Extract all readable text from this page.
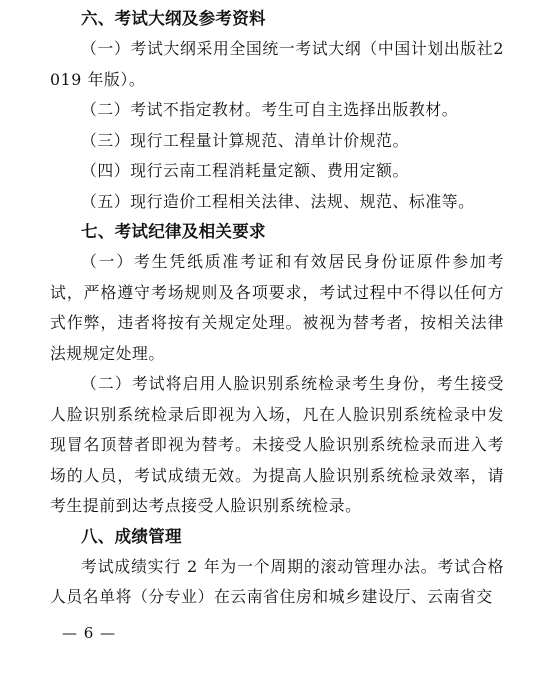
六、考试大纲及参考资料

（一）考试大纲采用全国统一考试大纲（中国计划出版社2019 年版）。

（二）考试不指定教材。考生可自主选择出版教材。

（三）现行工程量计算规范、清单计价规范。

（四）现行云南工程消耗量定额、费用定额。

（五）现行造价工程相关法律、法规、规范、标准等。

七、考试纪律及相关要求

（一）考生凭纸质准考证和有效居民身份证原件参加考试，严格遵守考场规则及各项要求，考试过程中不得以任何方式作弊，违者将按有关规定处理。被视为替考者，按相关法律法规规定处理。

（二）考试将启用人脸识别系统检录考生身份，考生接受人脸识别系统检录后即视为入场，凡在人脸识别系统检录中发现冒名顶替者即视为替考。未接受人脸识别系统检录而进入考场的人员，考试成绩无效。为提高人脸识别系统检录效率，请考生提前到达考点接受人脸识别系统检录。

八、成绩管理

考试成绩实行 2 年为一个周期的滚动管理办法。考试合格人员名单将（分专业）在云南省住房和城乡建设厅、云南省交

— 6 —
